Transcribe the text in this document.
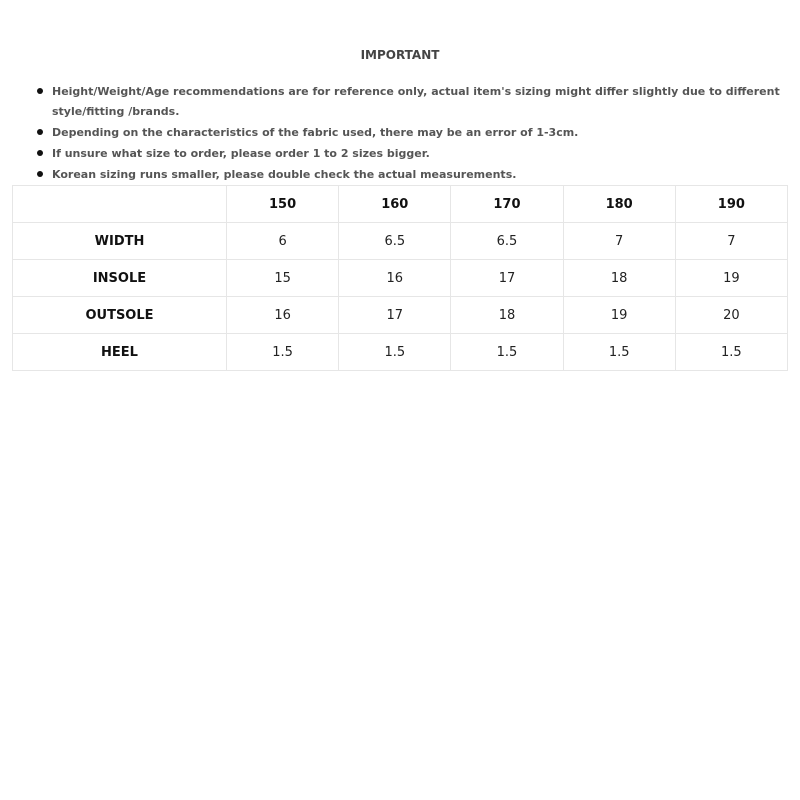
IMPORTANT
Height/Weight/Age recommendations are for reference only, actual item's sizing might differ slightly due to different style/fitting /brands.
Depending on the characteristics of the fabric used, there may be an error of 1-3cm.
If unsure what size to order, please order 1 to 2 sizes bigger.
Korean sizing runs smaller, please double check the actual measurements.
	150	160	170	180	190
WIDTH	6	6.5	6.5	7	7
INSOLE	15	16	17	18	19
OUTSOLE	16	17	18	19	20
HEEL	1.5	1.5	1.5	1.5	1.5
